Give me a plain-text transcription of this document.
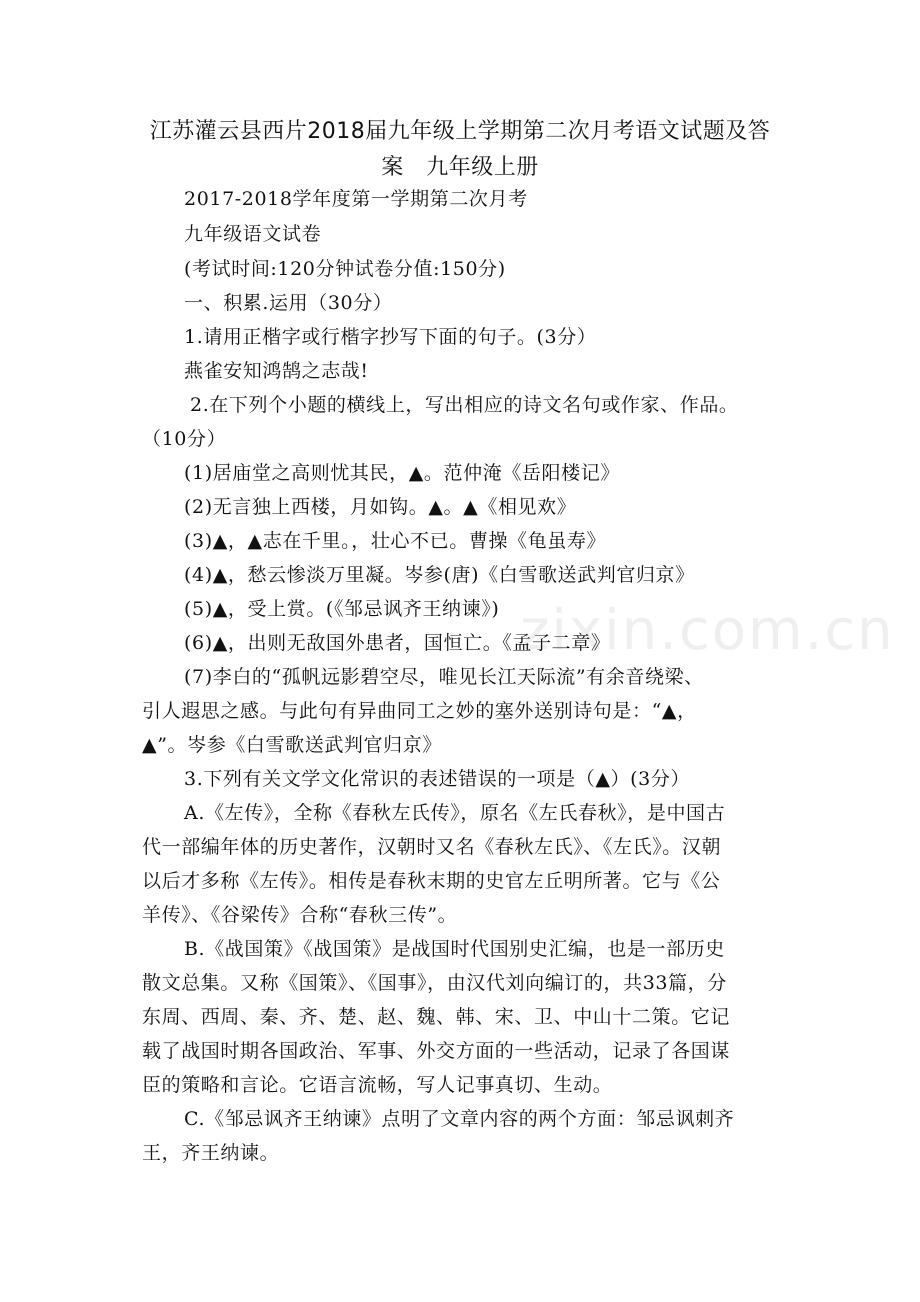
江苏灌云县西片2018届九年级上学期第二次月考语文试题及答
案　九年级上册
zixin.com.cn
2017-2018学年度第一学期第二次月考
九年级语文试卷
(考试时间:120分钟试卷分值:150分)
一、积累.运用（30分）
1.请用正楷字或行楷字抄写下面的句子。(3分）
燕雀安知鸿鹄之志哉!
2.在下列个小题的横线上，写出相应的诗文名句或作家、作品。
（10分）
(1)居庙堂之高则忧其民，▲。范仲淹《岳阳楼记》
(2)无言独上西楼，月如钩。▲。▲《相见欢》
(3)▲，▲志在千里。，壮心不已。曹操《龟虽寿》
(4)▲，愁云惨淡万里凝。岑参(唐)《白雪歌送武判官归京》
(5)▲，受上赏。(《邹忌讽齐王纳谏》)
(6)▲，出则无敌国外患者，国恒亡。《孟子二章》
(7)李白的“孤帆远影碧空尽，唯见长江天际流”有余音绕梁、
引人遐思之感。与此句有异曲同工之妙的塞外送别诗句是：“▲，
▲”。岑参《白雪歌送武判官归京》
3.下列有关文学文化常识的表述错误的一项是（▲）(3分）
A.《左传》，全称《春秋左氏传》，原名《左氏春秋》，是中国古
代一部编年体的历史著作，汉朝时又名《春秋左氏》、《左氏》。汉朝
以后才多称《左传》。相传是春秋末期的史官左丘明所著。它与《公
羊传》、《谷梁传》合称“春秋三传”。
B.《战国策》《战国策》是战国时代国别史汇编，也是一部历史
散文总集。又称《国策》、《国事》，由汉代刘向编订的，共33篇，分
东周、西周、秦、齐、楚、赵、魏、韩、宋、卫、中山十二策。它记
载了战国时期各国政治、军事、外交方面的一些活动，记录了各国谋
臣的策略和言论。它语言流畅，写人记事真切、生动。
C.《邹忌讽齐王纳谏》点明了文章内容的两个方面：邹忌讽刺齐
王，齐王纳谏。
